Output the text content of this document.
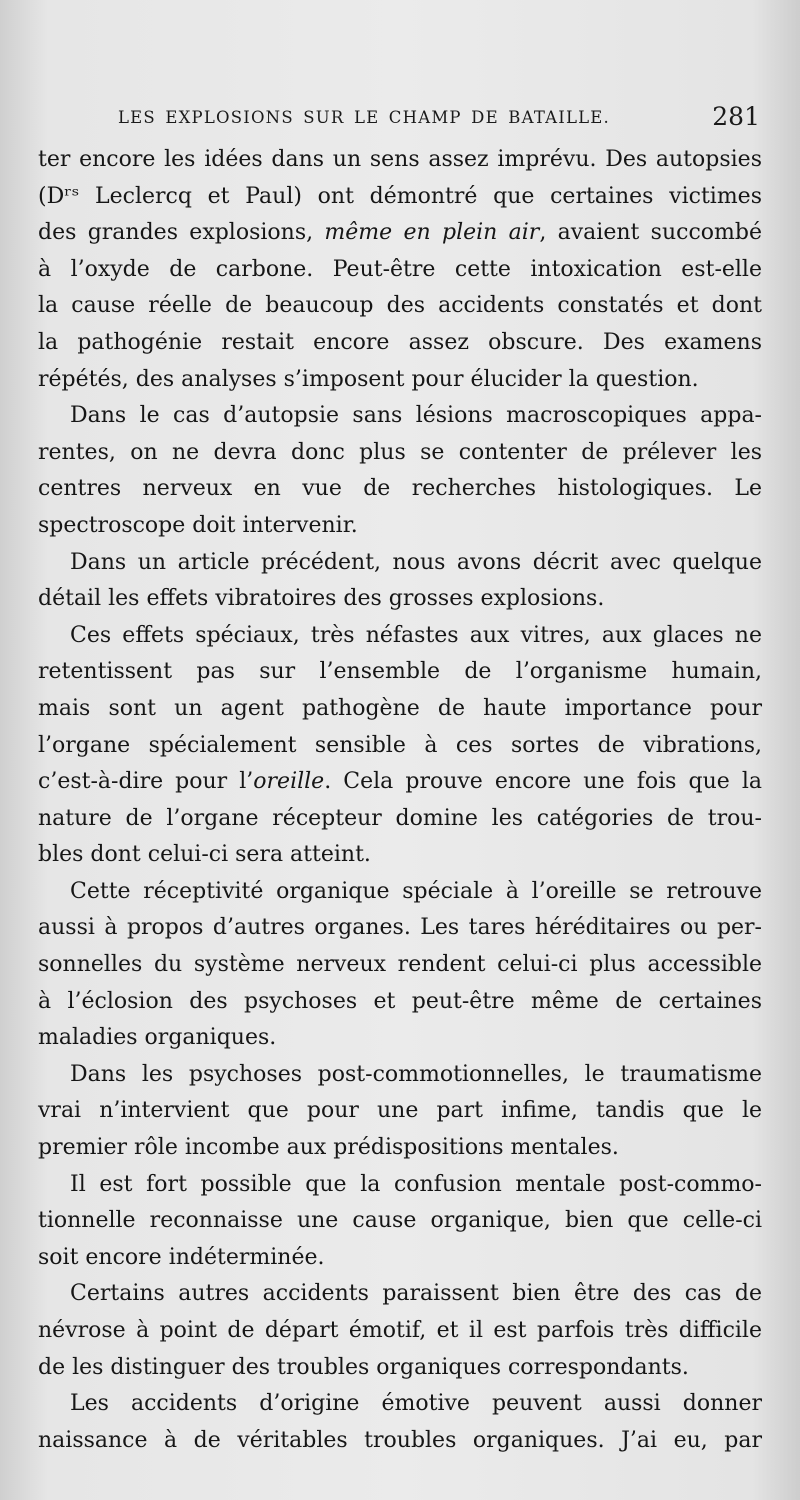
LES EXPLOSIONS SUR LE CHAMP DE BATAILLE.	281
ter encore les idées dans un sens assez imprévu. Des autopsies
(Dʳˢ Leclercq et Paul) ont démontré que certaines victimes
des grandes explosions, même en plein air, avaient succombé
à l’oxyde de carbone. Peut-être cette intoxication est-elle
la cause réelle de beaucoup des accidents constatés et dont
la pathogénie restait encore assez obscure. Des examens
répétés, des analyses s’imposent pour élucider la question.
Dans le cas d’autopsie sans lésions macroscopiques appa-
rentes, on ne devra donc plus se contenter de prélever les
centres nerveux en vue de recherches histologiques. Le
spectroscope doit intervenir.
Dans un article précédent, nous avons décrit avec quelque
détail les effets vibratoires des grosses explosions.
Ces effets spéciaux, très néfastes aux vitres, aux glaces ne
retentissent pas sur l’ensemble de l’organisme humain,
mais sont un agent pathogène de haute importance pour
l’organe spécialement sensible à ces sortes de vibrations,
c’est-à-dire pour l’oreille. Cela prouve encore une fois que la
nature de l’organe récepteur domine les catégories de trou-
bles dont celui-ci sera atteint.
Cette réceptivité organique spéciale à l’oreille se retrouve
aussi à propos d’autres organes. Les tares héréditaires ou per-
sonnelles du système nerveux rendent celui-ci plus accessible
à l’éclosion des psychoses et peut-être même de certaines
maladies organiques.
Dans les psychoses post-commotionnelles, le traumatisme
vrai n’intervient que pour une part infime, tandis que le
premier rôle incombe aux prédispositions mentales.
Il est fort possible que la confusion mentale post-commo-
tionnelle reconnaisse une cause organique, bien que celle-ci
soit encore indéterminée.
Certains autres accidents paraissent bien être des cas de
névrose à point de départ émotif, et il est parfois très difficile
de les distinguer des troubles organiques correspondants.
Les accidents d’origine émotive peuvent aussi donner
naissance à de véritables troubles organiques. J’ai eu, par
